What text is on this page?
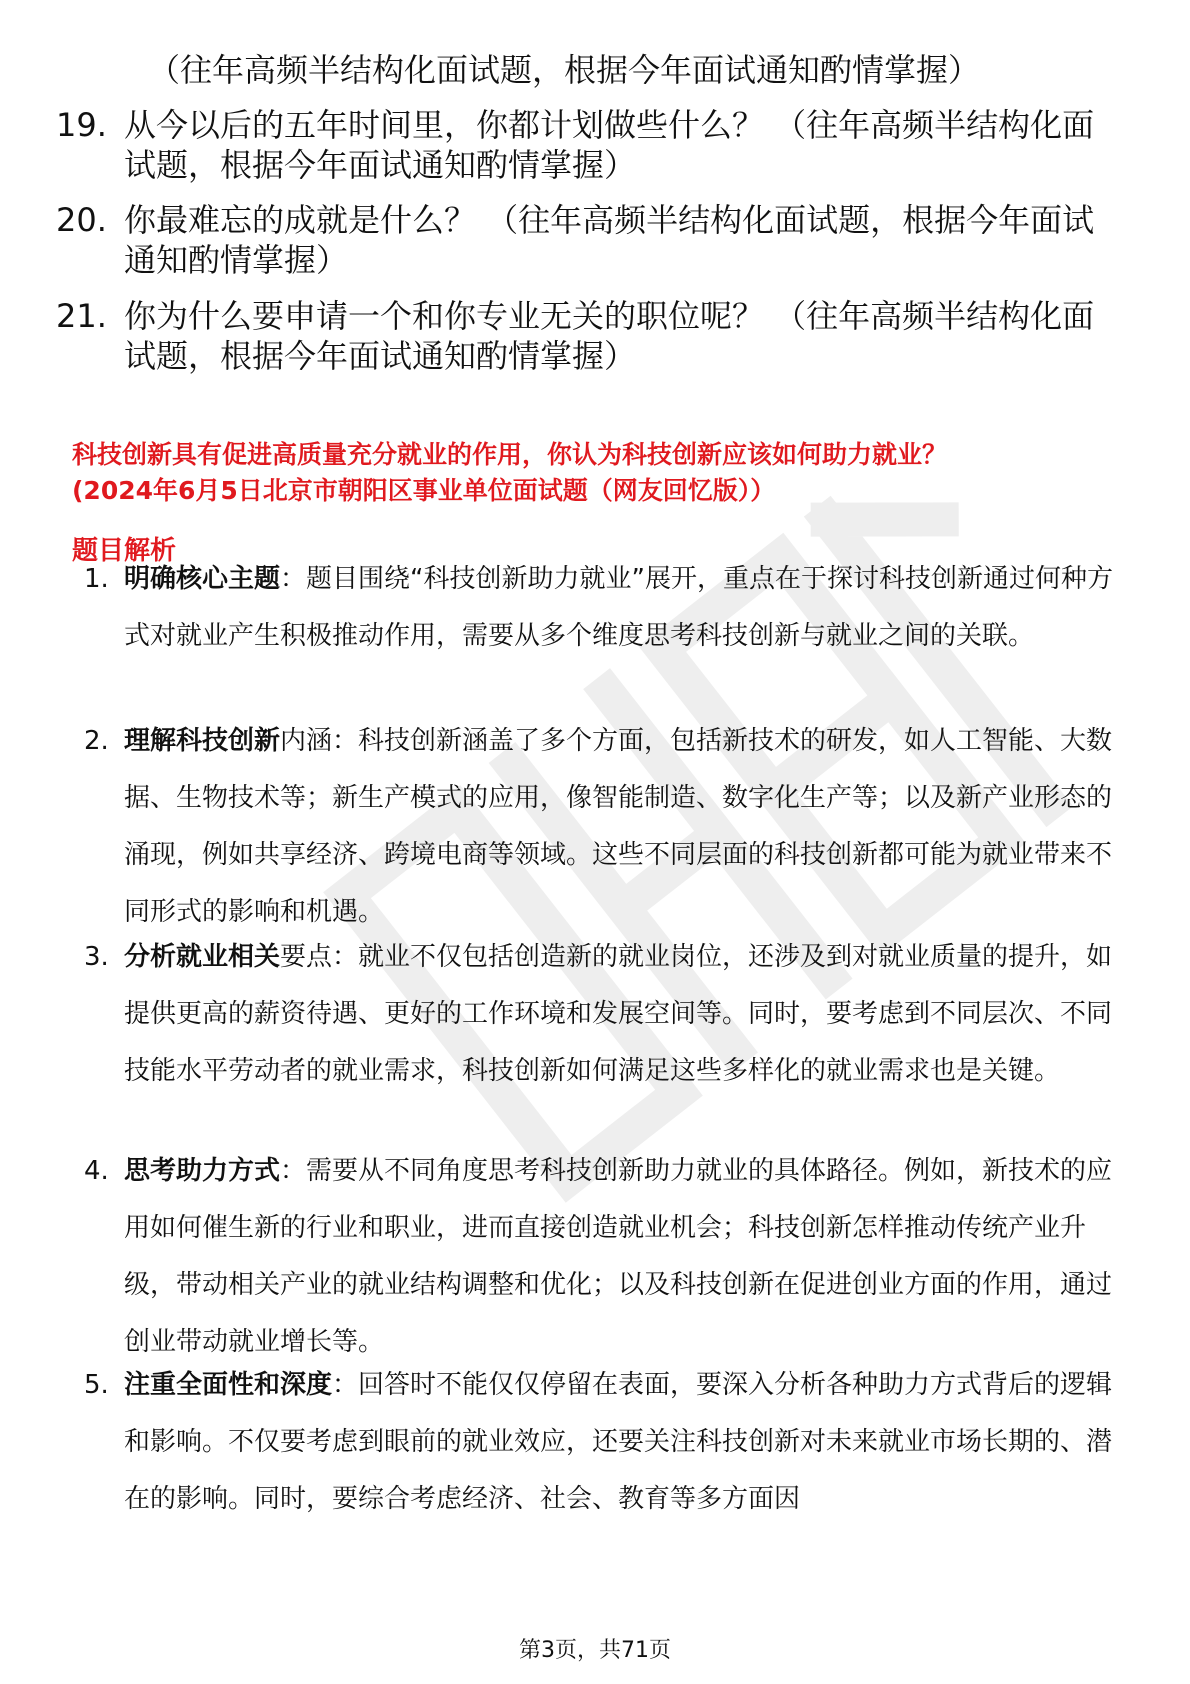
（往年高频半结构化面试题，根据今年面试通知酌情掌握）

19. 从今以后的五年时间里，你都计划做些什么？ （往年高频半结构化面试题，根据今年面试通知酌情掌握）
20. 你最难忘的成就是什么？ （往年高频半结构化面试题，根据今年面试通知酌情掌握）
21. 你为什么要申请一个和你专业无关的职位呢？ （往年高频半结构化面试题，根据今年面试通知酌情掌握）
科技创新具有促进高质量充分就业的作用，你认为科技创新应该如何助力就业？
(2024年6月5日北京市朝阳区事业单位面试题（网友回忆版））

题目解析

1. 明确核心主题：题目围绕“科技创新助力就业”展开，重点在于探讨科技创新通过何种方式对就业产生积极推动作用，需要从多个维度思考科技创新与就业之间的关联。
2. 理解科技创新内涵：科技创新涵盖了多个方面，包括新技术的研发，如人工智能、大数据、生物技术等；新生产模式的应用，像智能制造、数字化生产等；以及新产业形态的涌现，例如共享经济、跨境电商等领域。这些不同层面的科技创新都可能为就业带来不同形式的影响和机遇。
3. 分析就业相关要点：就业不仅包括创造新的就业岗位，还涉及到对就业质量的提升，如提供更高的薪资待遇、更好的工作环境和发展空间等。同时，要考虑到不同层次、不同技能水平劳动者的就业需求，科技创新如何满足这些多样化的就业需求也是关键。
4. 思考助力方式：需要从不同角度思考科技创新助力就业的具体路径。例如，新技术的应用如何催生新的行业和职业，进而直接创造就业机会；科技创新怎样推动传统产业升级，带动相关产业的就业结构调整和优化；以及科技创新在促进创业方面的作用，通过创业带动就业增长等。
5. 注重全面性和深度：回答时不能仅仅停留在表面，要深入分析各种助力方式背后的逻辑和影响。不仅要考虑到眼前的就业效应，还要关注科技创新对未来就业市场长期的、潜在的影响。同时，要综合考虑经济、社会、教育等多方面因

第3页，共71页
